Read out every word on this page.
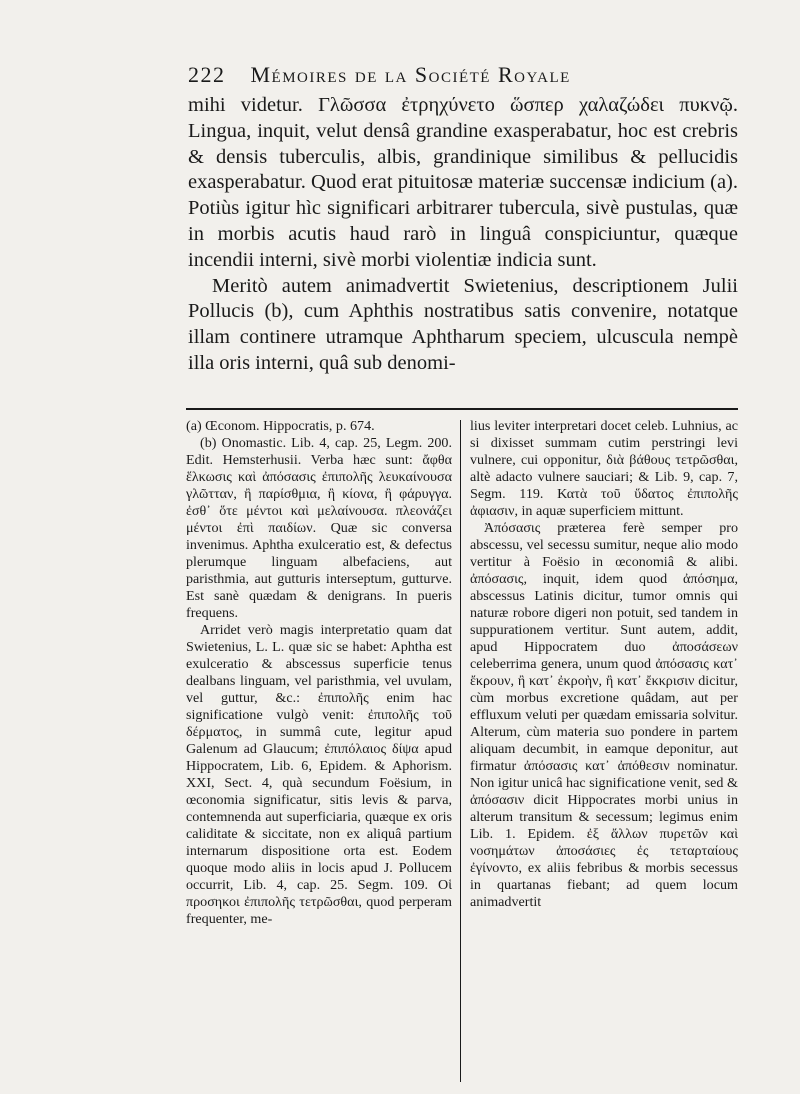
222 Mémoires de la Société Royale

mihi videtur. Γλῶσσα ἐτρηχύνετο ὥσπερ χαλαζώδει πυκνῷ. Lingua, inquit, velut densâ grandine exasperabatur, hoc est crebris & densis tuberculis, albis, grandinique similibus & pellucidis exasperabatur. Quod erat pituitosæ materiæ succensæ indicium (a). Potiùs igitur hìc significari arbitrarer tubercula, sivè pustulas, quæ in morbis acutis haud rarò in linguâ conspiciuntur, quæque incendii interni, sivè morbi violentiæ indicia sunt.

Meritò autem animadvertit Swietenius, descriptionem Julii Pollucis (b), cum Aphthis nostratibus satis convenire, notatque illam continere utramque Aphtharum speciem, ulcuscula nempè illa oris interni, quâ sub denomi-

(a) Œconom. Hippocratis, p. 674.

(b) Onomastic. Lib. 4, cap. 25, Legm. 200. Edit. Hemsterhusii. Verba hæc sunt: ἄφθα ἕλκωσις καὶ ἀπόσασις ἐπιπολῆς λευκαίνουσα γλῶτταν, ἢ παρίσθμια, ἢ κίονα, ἢ φάρυγγα. ἐσθ᾽ ὅτε μέντοι καὶ μελαίνουσα. πλεονάζει μέντοι ἐπὶ παιδίων. Quæ sic conversa invenimus. Aphtha exulceratio est, & defectus plerumque linguam albefaciens, aut paristhmia, aut gutturis interseptum, gutturve. Est sanè quædam & denigrans. In pueris frequens.

Arridet verò magis interpretatio quam dat Swietenius, L. L. quæ sic se habet: Aphtha est exulceratio & abscessus superficie tenus dealbans linguam, vel paristhmia, vel uvulam, vel guttur, &c.: ἐπιπολῆς enim hac significatione vulgò venit: ἐπιπολῆς τοῦ δέρματος, in summâ cute, legitur apud Galenum ad Glaucum; ἐπιπόλαιος δίψα apud Hippocratem, Lib. 6, Epidem. & Aphorism. XXI, Sect. 4, quà secundum Foësium, in œconomia significatur, sitis levis & parva, contemnenda aut superficiaria, quæque ex oris caliditate & siccitate, non ex aliquâ partium internarum dispositione orta est. Eodem quoque modo aliis in locis apud J. Pollucem occurrit, Lib. 4, cap. 25. Segm. 109. Οἱ προσηκοι ἐπιπολῆς τετρῶσθαι, quod perperam frequenter, me-

lius leviter interpretari docet celeb. Luhnius, ac si dixisset summam cutim perstringi levi vulnere, cui opponitur, διὰ βάθους τετρῶσθαι, altè adacto vulnere sauciari; & Lib. 9, cap. 7, Segm. 119. Κατὰ τοῦ ὕδατος ἐπιπολῆς ἀφιασιν, in aquæ superficiem mittunt.

Ἀπόσασις præterea ferè semper pro abscessu, vel secessu sumitur, neque alio modo vertitur à Foësio in œconomiâ & alibi. ἀπόσασις, inquit, idem quod ἀπόσημα, abscessus Latinis dicitur, tumor omnis qui naturæ robore digeri non potuit, sed tandem in suppurationem vertitur. Sunt autem, addit, apud Hippocratem duo ἀποσάσεων celeberrima genera, unum quod ἀπόσασις κατ᾽ ἔκρουν, ἢ κατ᾽ ἐκροὴν, ἢ κατ᾽ ἔκκρισιν dicitur, cùm morbus excretione quâdam, aut per effluxum veluti per quædam emissaria solvitur. Alterum, cùm materia suo pondere in partem aliquam decumbit, in eamque deponitur, aut firmatur ἀπόσασις κατ᾽ ἀπόθεσιν nominatur. Non igitur unicâ hac significatione venit, sed & ἀπόσασιν dicit Hippocrates morbi unius in alterum transitum & secessum; legimus enim Lib. 1. Epidem. ἐξ ἄλλων πυρετῶν καὶ νοσημάτων ἀποσάσιες ἐς τεταρταίους ἐγίνοντο, ex aliis febribus & morbis secessus in quartanas fiebant; ad quem locum animadvertit
